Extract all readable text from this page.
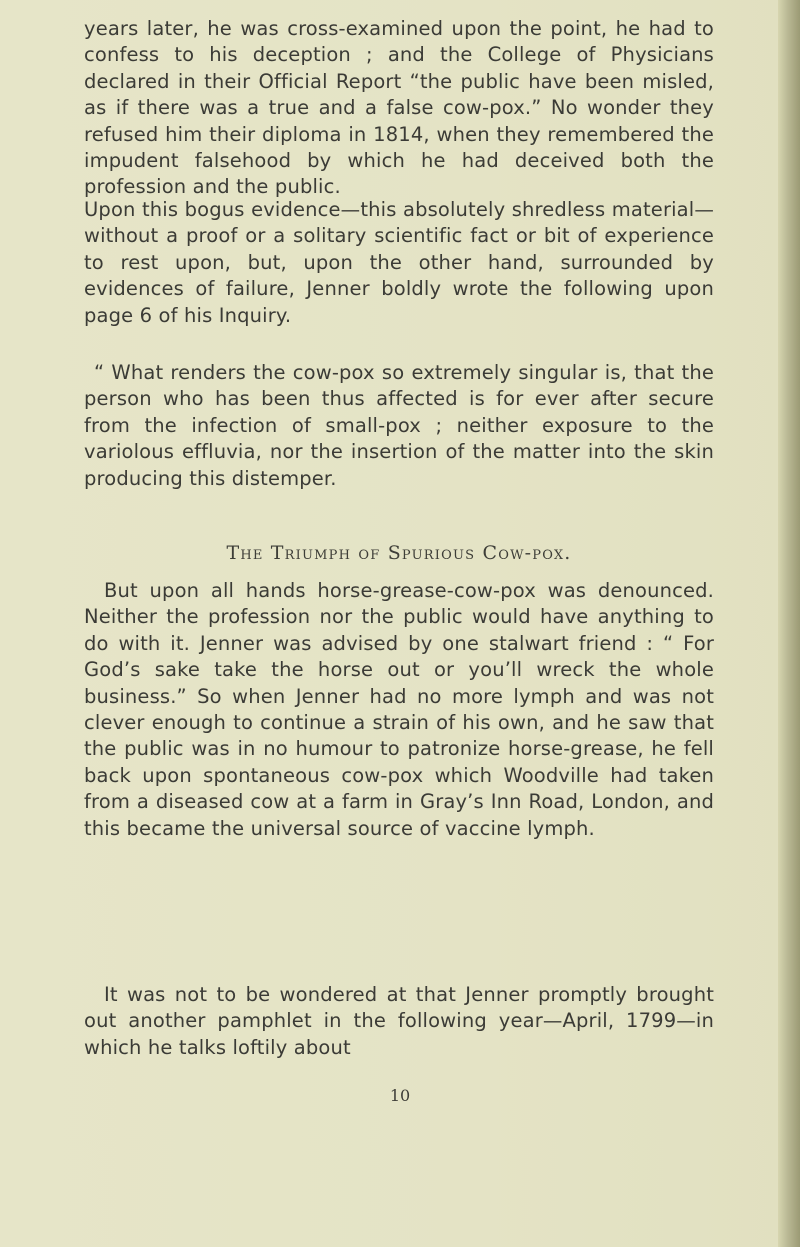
years later, he was cross-examined upon the point, he had to confess to his deception ; and the College of Physicians declared in their Official Report “the public have been misled, as if there was a true and a false cow-pox.” No wonder they refused him their diploma in 1814, when they remembered the impudent falsehood by which he had deceived both the profession and the public.
Upon this bogus evidence—this absolutely shredless material—without a proof or a solitary scientific fact or bit of experience to rest upon, but, upon the other hand, surrounded by evidences of failure, Jenner boldly wrote the following upon page 6 of his Inquiry.
“ What renders the cow-pox so extremely singular is, that the person who has been thus affected is for ever after secure from the infection of small-pox ; neither exposure to the variolous effluvia, nor the insertion of the matter into the skin producing this distemper.
The Triumph of Spurious Cow-pox.
But upon all hands horse-grease-cow-pox was denounced. Neither the profession nor the public would have anything to do with it. Jenner was advised by one stalwart friend : “ For God’s sake take the horse out or you’ll wreck the whole business.” So when Jenner had no more lymph and was not clever enough to continue a strain of his own, and he saw that the public was in no humour to patronize horse-grease, he fell back upon spontaneous cow-pox which Woodville had taken from a diseased cow at a farm in Gray’s Inn Road, London, and this became the universal source of vaccine lymph.
It was not to be wondered at that Jenner promptly brought out another pamphlet in the following year—April, 1799—in which he talks loftily about
10
